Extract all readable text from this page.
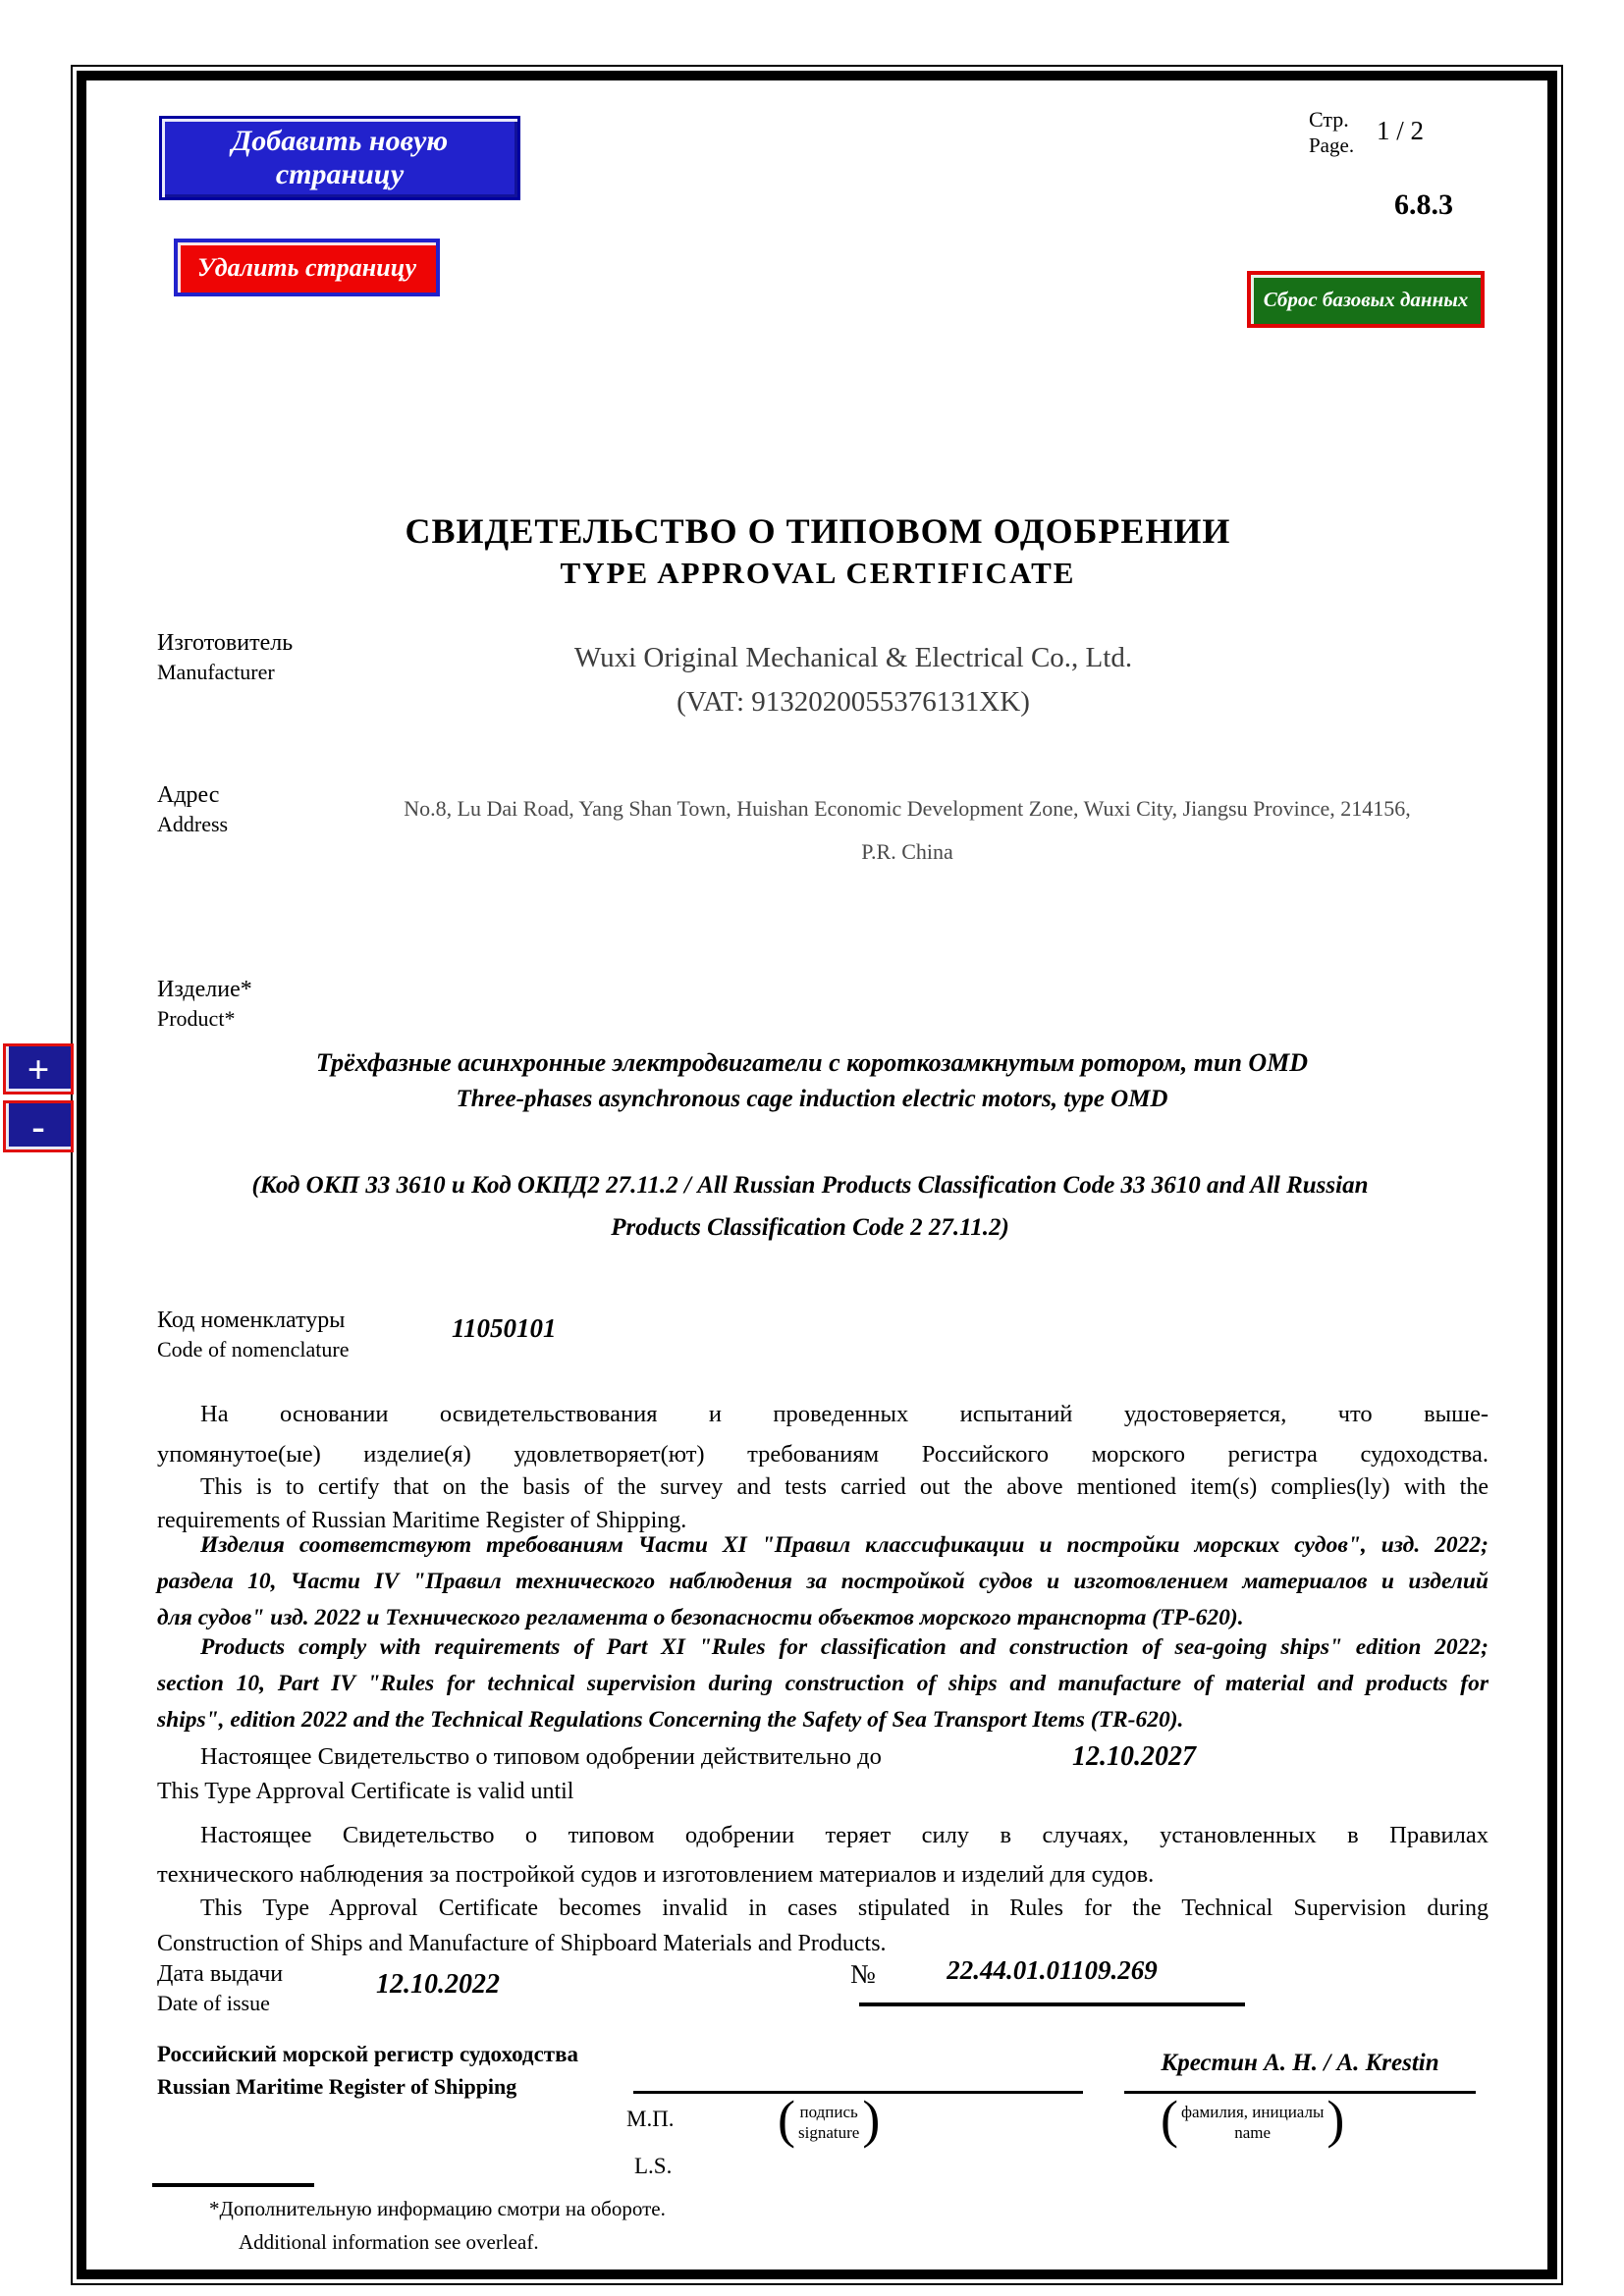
Добавить новую страницу
Удалить страницу
Сброс базовых данных
+
-
Стр.
Page. 1 / 2
6.8.3
СВИДЕТЕЛЬСТВО О ТИПОВОМ ОДОБРЕНИИ
TYPE APPROVAL CERTIFICATE
Изготовитель
Manufacturer	Wuxi Original Mechanical & Electrical Co., Ltd.
(VAT: 9132020055376131XK)
Адрес
Address
No.8, Lu Dai Road, Yang Shan Town, Huishan Economic Development Zone, Wuxi City, Jiangsu Province, 214156,
P.R. China
Изделие*
Product*
Трёхфазные асинхронные электродвигатели с короткозамкнутым ротором, тип OMD
Three-phases asynchronous cage induction electric motors, type OMD
(Код ОКП 33 3610 и Код ОКПД2 27.11.2 / All Russian Products Classification Code 33 3610 and All Russian
Products Classification Code 2 27.11.2)
Код номенклатуры
Code of nomenclature
11050101
На основании освидетельствования и проведенных испытаний удостоверяется, что выше-
упомянутое(ые) изделие(я) удовлетворяет(ют) требованиям Российского морского регистра судоходства.
This is to certify that on the basis of the survey and tests carried out the above mentioned item(s) complies(ly) with the
requirements of Russian Maritime Register of Shipping.
Изделия соответствуют требованиям Части XI "Правил классификации и постройки морских судов", изд. 2022;
раздела 10, Части IV "Правил технического наблюдения за постройкой судов и изготовлением материалов и изделий
для судов" изд. 2022 и Технического регламента о безопасности объектов морского транспорта (ТР-620).
Products comply with requirements of Part XI "Rules for classification and construction of sea-going ships" edition 2022;
section 10, Part IV "Rules for technical supervision during construction of ships and manufacture of material and products for
ships", edition 2022 and the Technical Regulations Concerning the Safety of Sea Transport Items (TR-620).
Настоящее Свидетельство о типовом одобрении действительно до
This Type Approval Certificate is valid until
12.10.2027
Настоящее Свидетельство о типовом одобрении теряет силу в случаях, установленных в Правилах
технического наблюдения за постройкой судов и изготовлением материалов и изделий для судов.
This Type Approval Certificate becomes invalid in cases stipulated in Rules for the Technical Supervision during
Construction of Ships and Manufacture of Shipboard Materials and Products.
Дата выдачи
Date of issue
12.10.2022	№	22.44.01.01109.269
Российский морской регистр судоходства
Russian Maritime Register of Shipping
Крестин А. Н. / A. Krestin
( подпись
signature )	( фамилия, инициалы
name )
М.П.
L.S.
*Дополнительную информацию смотри на обороте.
Additional information see overleaf.
